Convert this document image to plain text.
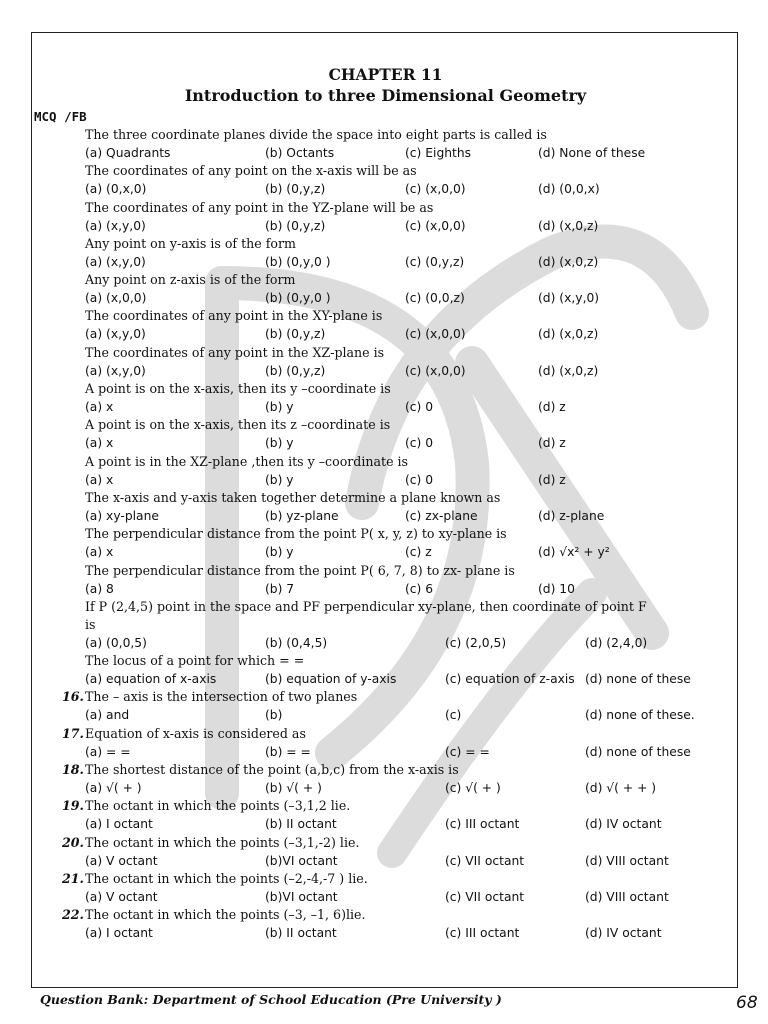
CHAPTER 11
Introduction to three Dimensional Geometry
MCQ /FB
The three coordinate planes divide the space into eight parts is called is
(a) Quadrants	(b) Octants	(c) Eighths	(d) None of these
The coordinates of any point on the x-axis will be as
(a) (0,x,0)	(b) (0,y,z)	(c) (x,0,0)	(d) (0,0,x)
The coordinates of any point in the YZ-plane will be as
(a) (x,y,0)	(b) (0,y,z)	(c) (x,0,0)	(d) (x,0,z)
Any point on y-axis is of the form
(a) (x,y,0)	(b) (0,y,0 )	(c) (0,y,z)	(d) (x,0,z)
Any point on z-axis is of the form
(a) (x,0,0)	(b) (0,y,0 )	(c) (0,0,z)	(d) (x,y,0)
The coordinates of any point in the XY-plane is
(a) (x,y,0)	(b) (0,y,z)	(c) (x,0,0)	(d) (x,0,z)
The coordinates of any point in the XZ-plane is
(a) (x,y,0)	(b) (0,y,z)	(c) (x,0,0)	(d) (x,0,z)
A point is on the x-axis, then its y –coordinate is
(a) x	(b) y	(c) 0	(d) z
A point is on the x-axis, then its z –coordinate is
(a) x	(b) y	(c) 0	(d) z
A point is in the XZ-plane ,then its y –coordinate is
(a) x	(b) y	(c) 0	(d) z
The x-axis and y-axis taken together determine a plane known as
(a) xy-plane	(b) yz-plane	(c) zx-plane	(d) z-plane
The perpendicular distance from the point P( x, y, z) to xy-plane is
(a) x	(b) y	(c) z	(d) √x² + y²
The perpendicular distance from the point P( 6, 7, 8) to zx- plane is
(a) 8	(b) 7	(c) 6	(d) 10
If P (2,4,5) point in the space and PF perpendicular xy-plane, then coordinate of point F
is
(a) (0,0,5)	(b) (0,4,5)	(c) (2,0,5)	(d) (2,4,0)
The locus of a point for which = =
(a) equation of x-axis	(b) equation of y-axis	(c) equation of z-axis (d) none of these
16. The – axis is the intersection of two planes
(a) and	(b)	(c)	(d) none of these.
17. Equation of x-axis is considered as
(a) = =	(b) = =	(c) = =	(d) none of these
18. The shortest distance of the point (a,b,c) from the x-axis is
(a) √( + )	(b) √( + )	(c) √( + )	(d) √( + + )
19. The octant in which the points (–3,1,2 lie.
(a) I octant	(b) II octant	(c) III octant	(d) IV octant
20. The octant in which the points (–3,1,-2) lie.
(a) V octant	(b)VI octant	(c) VII octant	(d) VIII octant
21. The octant in which the points (–2,-4,-7 ) lie.
(a) V octant	(b)VI octant	(c) VII octant	(d) VIII octant
22. The octant in which the points (–3, –1, 6)lie.
(a) I octant	(b) II octant	(c) III octant	(d) IV octant
Question Bank: Department of School Education (Pre University )	68
